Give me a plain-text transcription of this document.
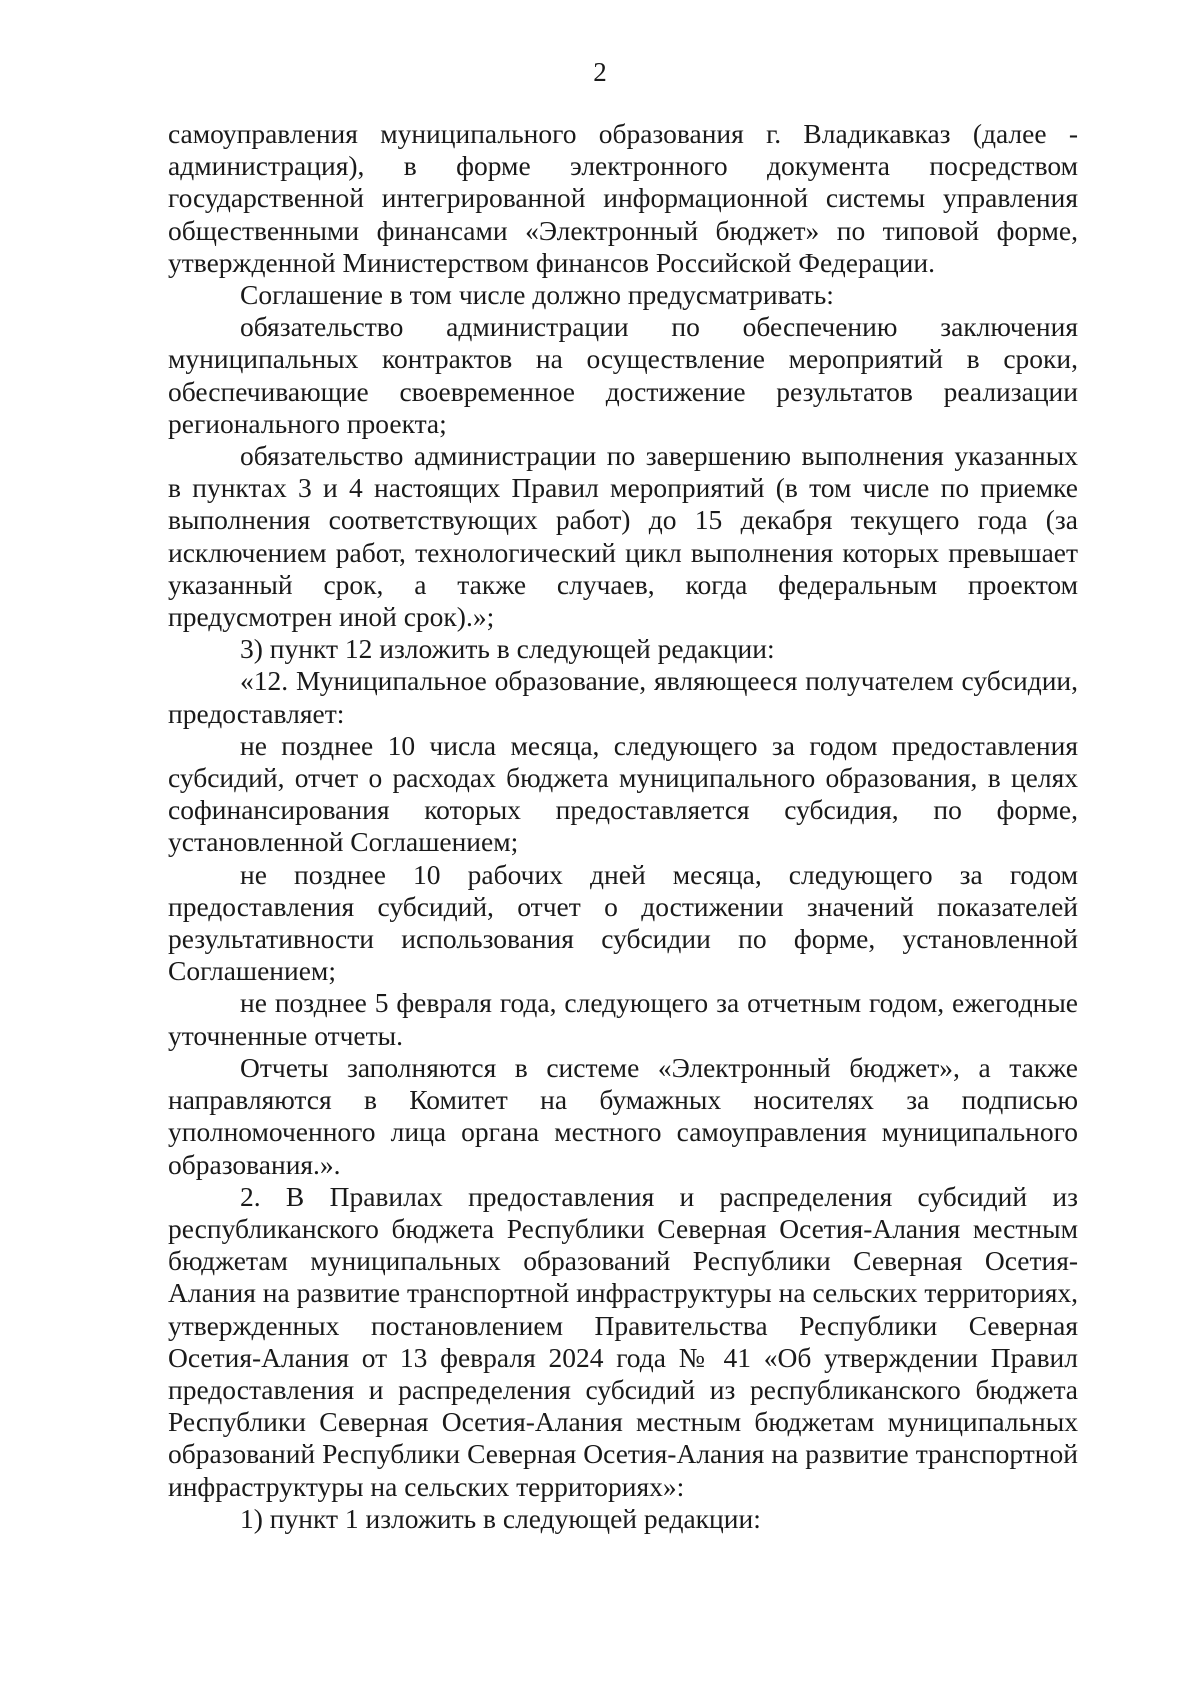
2

самоуправления муниципального образования г. Владикавказ (далее - администрация), в форме электронного документа посредством государственной интегрированной информационной системы управления общественными финансами «Электронный бюджет» по типовой форме, утвержденной Министерством финансов Российской Федерации.

Соглашение в том числе должно предусматривать:

обязательство администрации по обеспечению заключения муниципальных контрактов на осуществление мероприятий в сроки, обеспечивающие своевременное достижение результатов реализации регионального проекта;

обязательство администрации по завершению выполнения указанных в пунктах 3 и 4 настоящих Правил мероприятий (в том числе по приемке выполнения соответствующих работ) до 15 декабря текущего года (за исключением работ, технологический цикл выполнения которых превышает указанный срок, а также случаев, когда федеральным проектом предусмотрен иной срок).»;

3) пункт 12 изложить в следующей редакции:

«12. Муниципальное образование, являющееся получателем субсидии, предоставляет:

не позднее 10 числа месяца, следующего за годом предоставления субсидий, отчет о расходах бюджета муниципального образования, в целях софинансирования которых предоставляется субсидия, по форме, установленной Соглашением;

не позднее 10 рабочих дней месяца, следующего за годом предоставления субсидий, отчет о достижении значений показателей результативности использования субсидии по форме, установленной Соглашением;

не позднее 5 февраля года, следующего за отчетным годом, ежегодные уточненные отчеты.

Отчеты заполняются в системе «Электронный бюджет», а также направляются в Комитет на бумажных носителях за подписью уполномоченного лица органа местного самоуправления муниципального образования.».

2. В Правилах предоставления и распределения субсидий из республиканского бюджета Республики Северная Осетия-Алания местным бюджетам муниципальных образований Республики Северная Осетия-Алания на развитие транспортной инфраструктуры на сельских территориях, утвержденных постановлением Правительства Республики Северная Осетия-Алания от 13 февраля 2024 года № 41 «Об утверждении Правил предоставления и распределения субсидий из республиканского бюджета Республики Северная Осетия-Алания местным бюджетам муниципальных образований Республики Северная Осетия-Алания на развитие транспортной инфраструктуры на сельских территориях»:

1) пункт 1 изложить в следующей редакции:
